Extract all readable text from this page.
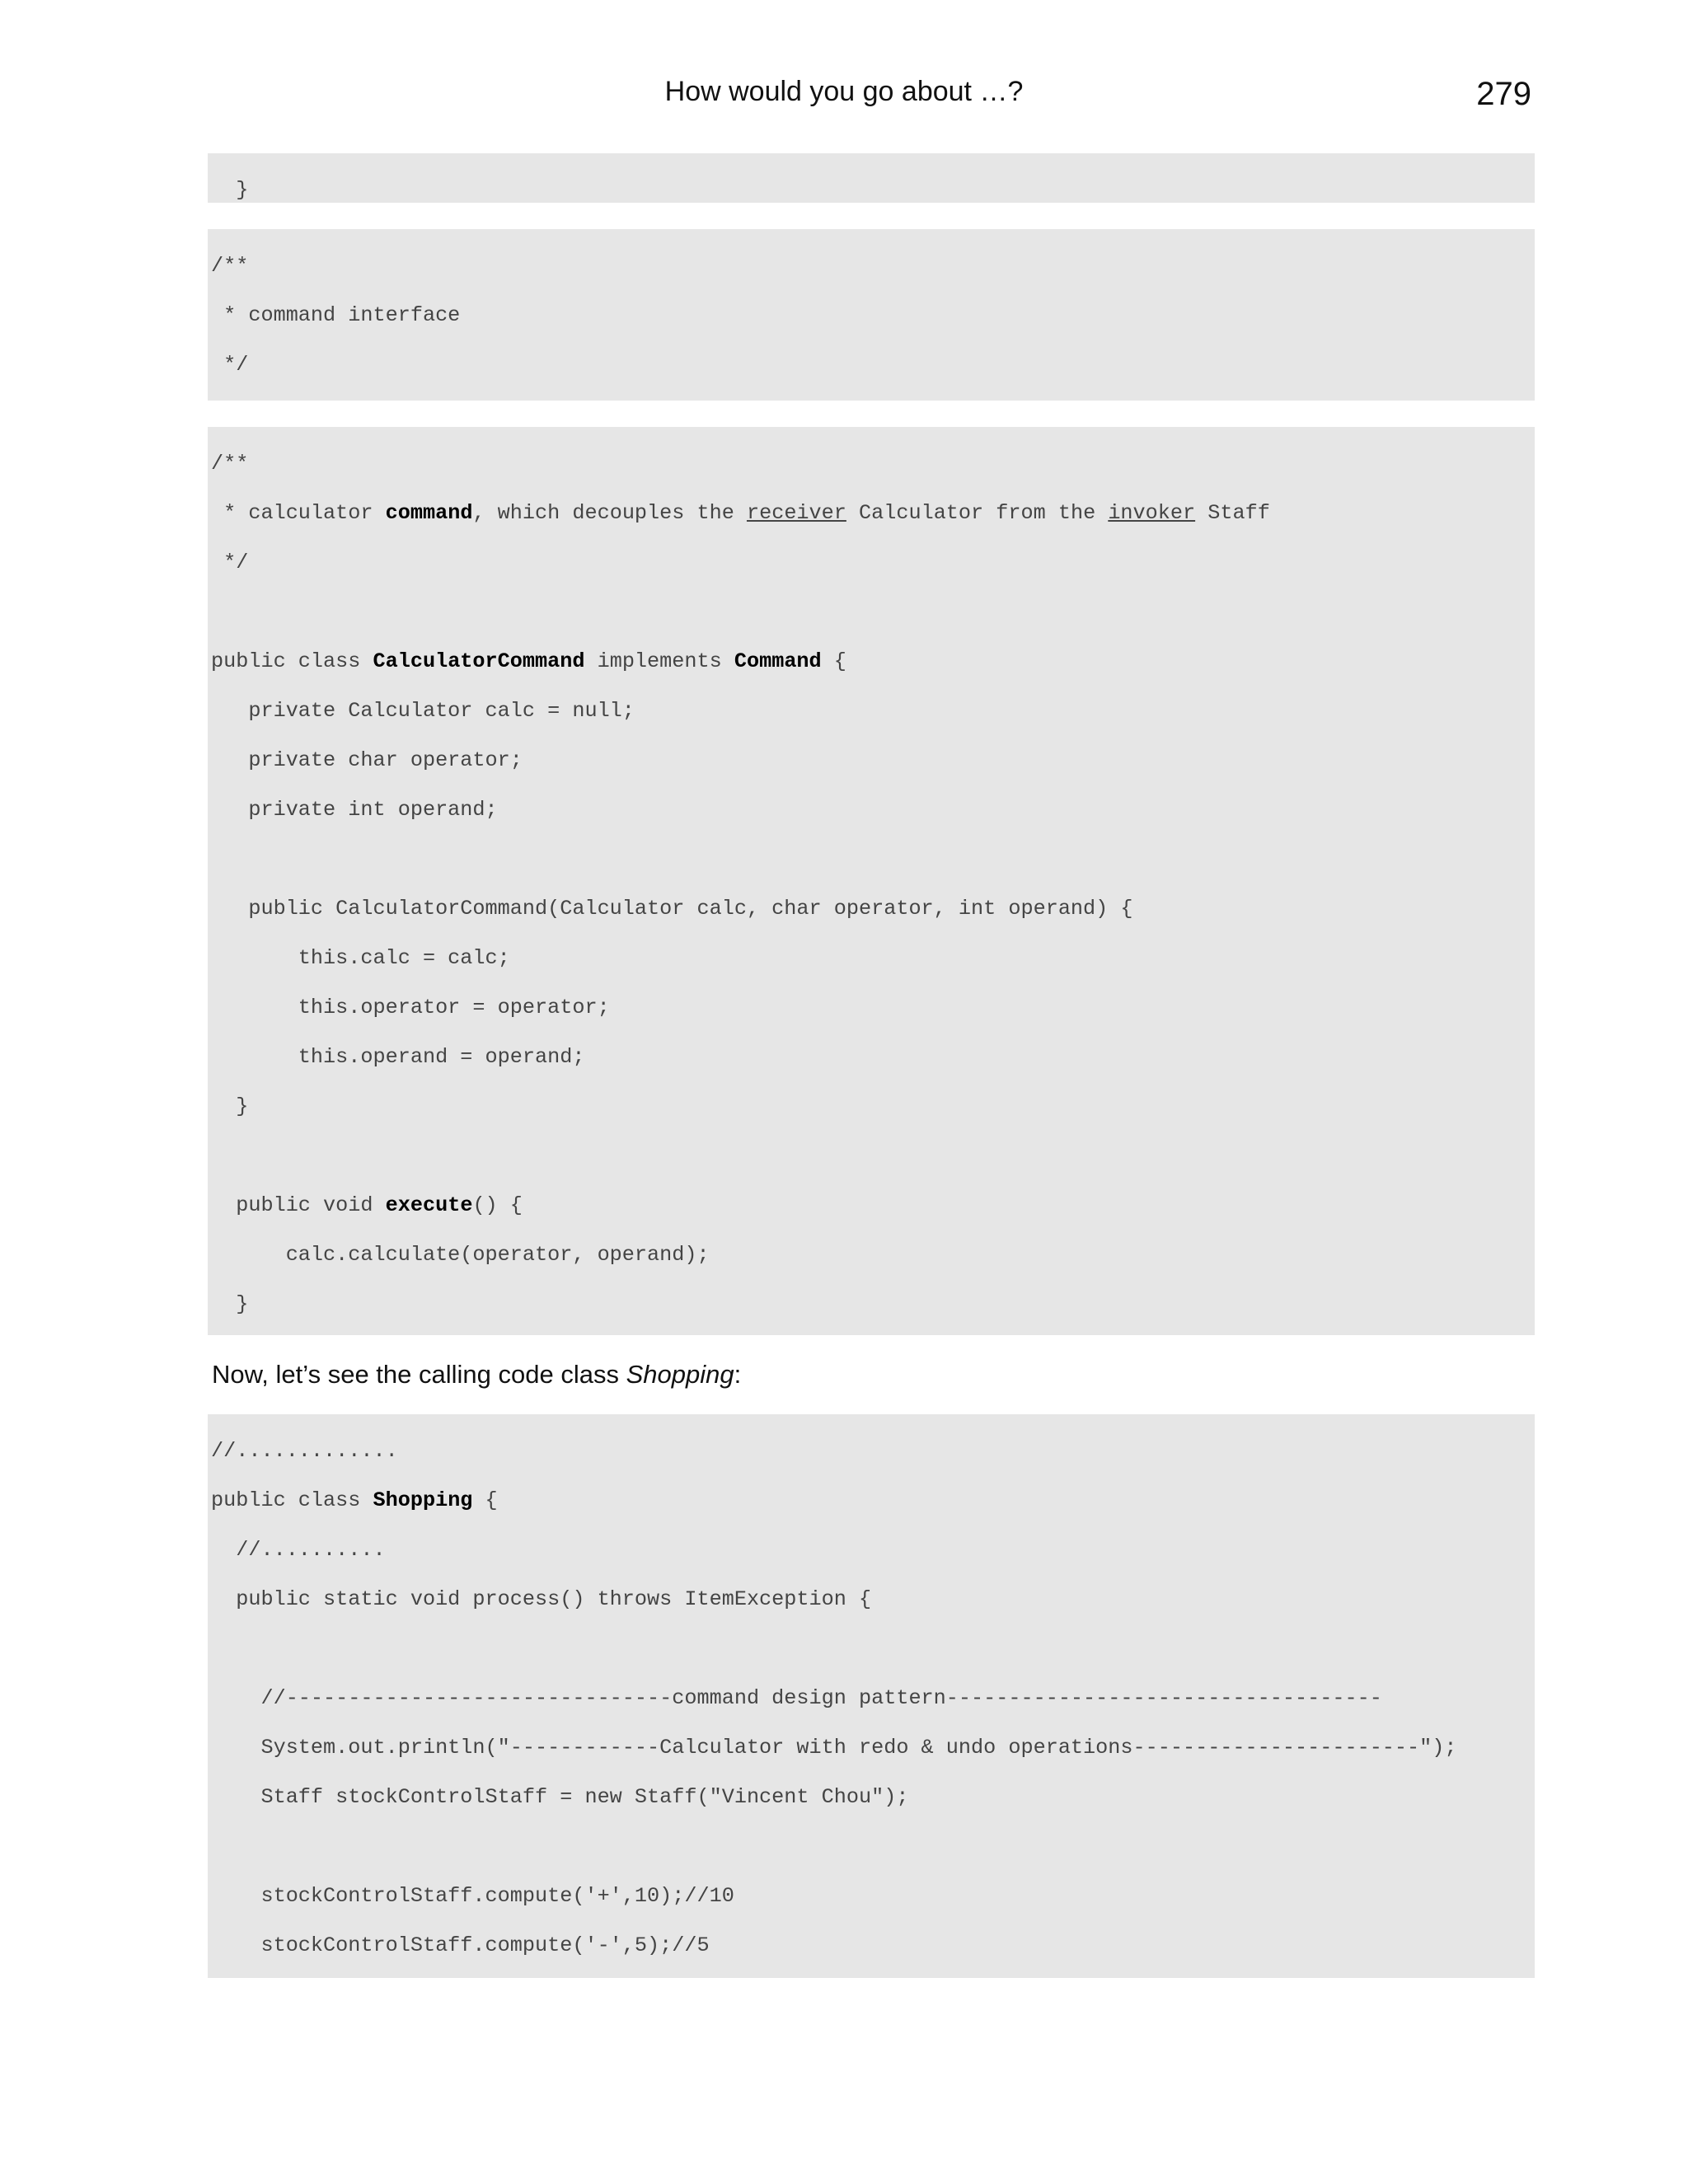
How would you go about …?	279

}

/**

* command interface

*/

/**

* calculator command, which decouples the receiver Calculator from the invoker Staff

*/

public class CalculatorCommand implements Command {

private Calculator calc = null;

private char operator;

private int operand;

public CalculatorCommand(Calculator calc, char operator, int operand) {

this.calc = calc;

this.operator = operator;

this.operand = operand;

}

public void execute() {

calc.calculate(operator, operand);

}

Now, let’s see the calling code class Shopping:

//.............

public class Shopping {

//..........

public static void process() throws ItemException {

//-------------------------------command design pattern-----------------------------------

System.out.println("------------Calculator with redo & undo operations-----------------------");

Staff stockControlStaff = new Staff("Vincent Chou");

stockControlStaff.compute('+',10);//10

stockControlStaff.compute('-',5);//5
